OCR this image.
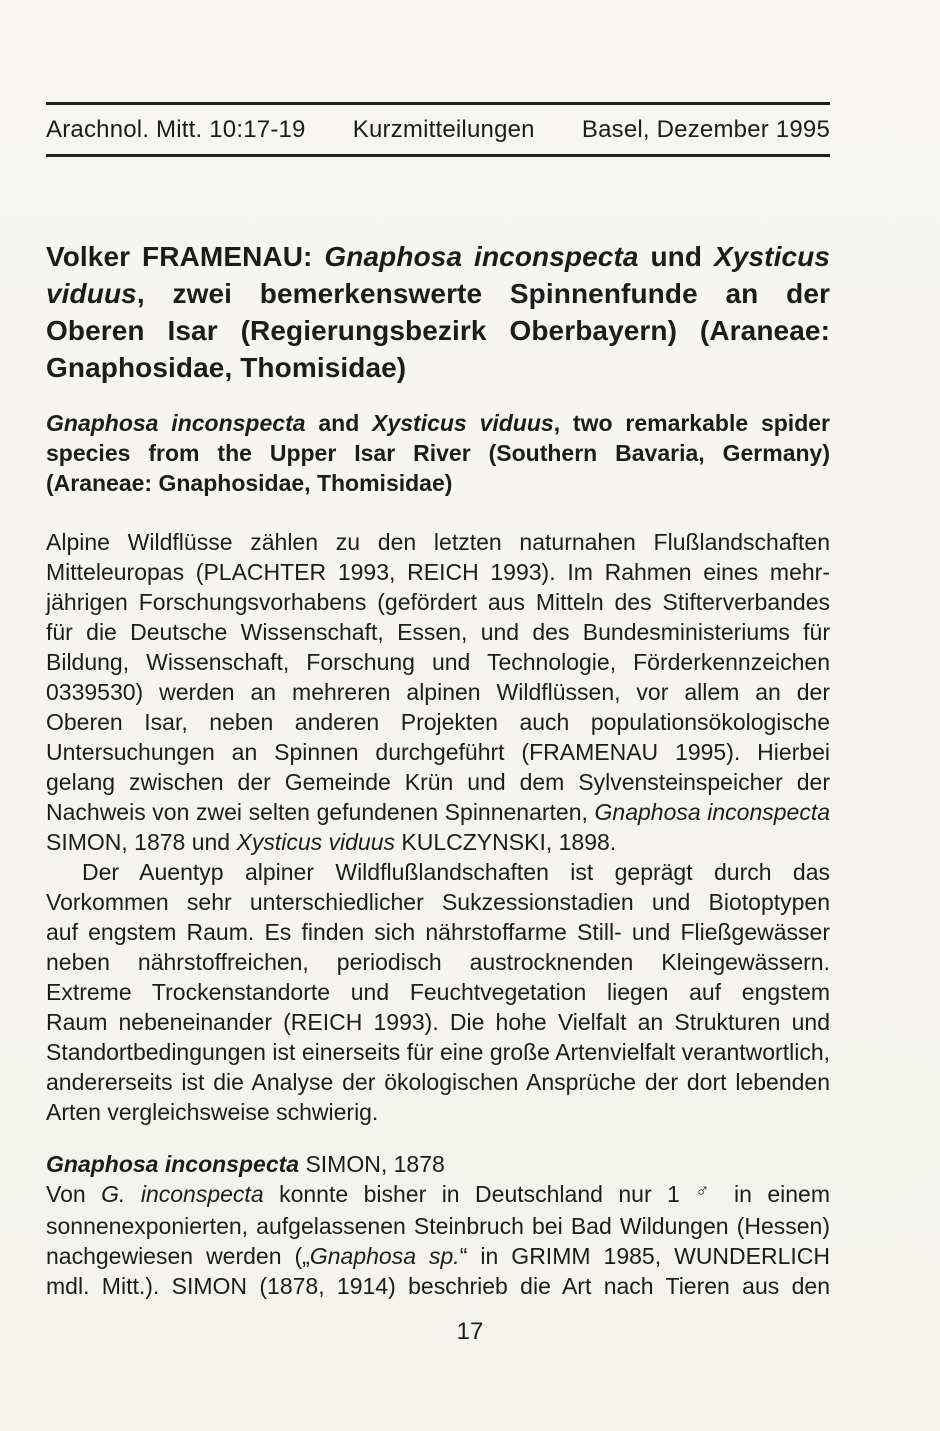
Arachnol. Mitt. 10:17-19 Kurzmitteilungen Basel, Dezember 1995
Volker FRAMENAU: Gnaphosa inconspecta und Xysticus
viduus, zwei bemerkenswerte Spinnenfunde an der
Oberen Isar (Regierungsbezirk Oberbayern) (Araneae:
Gnaphosidae, Thomisidae)
Gnaphosa inconspecta and Xysticus viduus, two remarkable spider
species from the Upper Isar River (Southern Bavaria, Germany)
(Araneae: Gnaphosidae, Thomisidae)
Alpine Wildflüsse zählen zu den letzten naturnahen Flußlandschaften
Mitteleuropas (PLACHTER 1993, REICH 1993). Im Rahmen eines mehr-
jährigen Forschungsvorhabens (gefördert aus Mitteln des Stifterverbandes
für die Deutsche Wissenschaft, Essen, und des Bundesministeriums für
Bildung, Wissenschaft, Forschung und Technologie, Förderkennzeichen
0339530) werden an mehreren alpinen Wildflüssen, vor allem an der
Oberen Isar, neben anderen Projekten auch populationsökologische
Untersuchungen an Spinnen durchgeführt (FRAMENAU 1995). Hierbei
gelang zwischen der Gemeinde Krün und dem Sylvensteinspeicher der
Nachweis von zwei selten gefundenen Spinnenarten, Gnaphosa inconspecta
SIMON, 1878 und Xysticus viduus KULCZYNSKI, 1898.
Der Auentyp alpiner Wildflußlandschaften ist geprägt durch das
Vorkommen sehr unterschiedlicher Sukzessionstadien und Biotoptypen
auf engstem Raum. Es finden sich nährstoffarme Still- und Fließgewässer
neben nährstoffreichen, periodisch austrocknenden Kleingewässern.
Extreme Trockenstandorte und Feuchtvegetation liegen auf engstem
Raum nebeneinander (REICH 1993). Die hohe Vielfalt an Strukturen und
Standortbedingungen ist einerseits für eine große Artenvielfalt verantwortlich,
andererseits ist die Analyse der ökologischen Ansprüche der dort lebenden
Arten vergleichsweise schwierig.
Gnaphosa inconspecta SIMON, 1878
Von G. inconspecta konnte bisher in Deutschland nur 1 ♂ in einem
sonnenexponierten, aufgelassenen Steinbruch bei Bad Wildungen (Hessen)
nachgewiesen werden („Gnaphosa sp.“ in GRIMM 1985, WUNDERLICH
mdl. Mitt.). SIMON (1878, 1914) beschrieb die Art nach Tieren aus den
17
